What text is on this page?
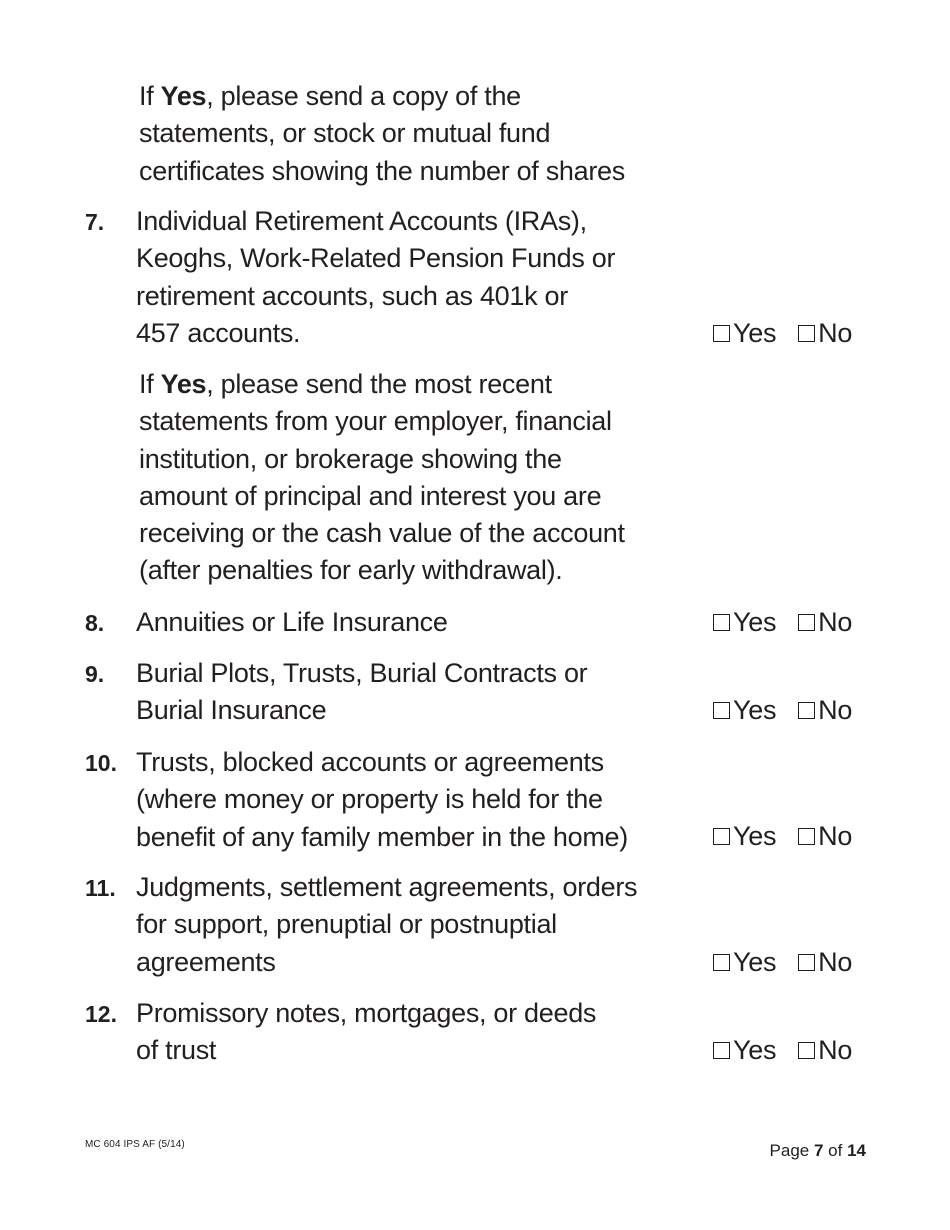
If Yes, please send a copy of the
statements, or stock or mutual fund
certificates showing the number of shares
7. Individual Retirement Accounts (IRAs),
Keoghs, Work-Related Pension Funds or
retirement accounts, such as 401k or
457 accounts.	Yes No
If Yes, please send the most recent
statements from your employer, financial
institution, or brokerage showing the
amount of principal and interest you are
receiving or the cash value of the account
(after penalties for early withdrawal).
8. Annuities or Life Insurance	Yes No
9. Burial Plots, Trusts, Burial Contracts or
Burial Insurance	Yes No
10. Trusts, blocked accounts or agreements
(where money or property is held for the
benefit of any family member in the home)	Yes No
11. Judgments, settlement agreements, orders
for support, prenuptial or postnuptial
agreements	Yes No
12. Promissory notes, mortgages, or deeds
of trust	Yes No
MC 604 IPS AF (5/14)	Page 7 of 14
